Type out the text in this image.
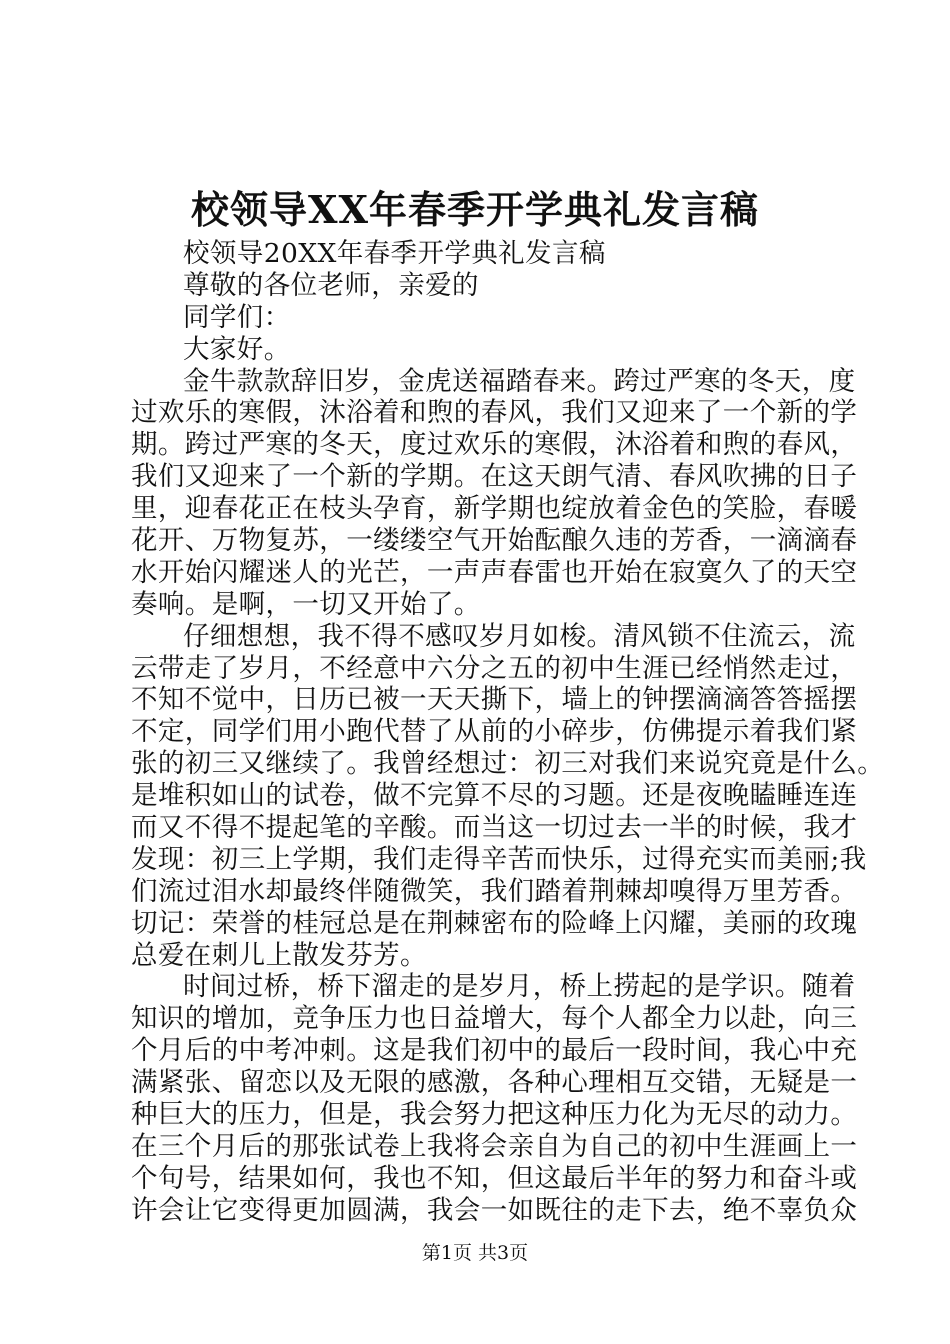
校领导XX年春季开学典礼发言稿
校领导20XX年春季开学典礼发言稿
尊敬的各位老师，亲爱的
同学们：
大家好。
金牛款款辞旧岁，金虎送福踏春来。跨过严寒的冬天，度
过欢乐的寒假，沐浴着和煦的春风，我们又迎来了一个新的学
期。跨过严寒的冬天，度过欢乐的寒假，沐浴着和煦的春风，
我们又迎来了一个新的学期。在这天朗气清、春风吹拂的日子
里，迎春花正在枝头孕育，新学期也绽放着金色的笑脸，春暖
花开、万物复苏，一缕缕空气开始酝酿久违的芳香，一滴滴春
水开始闪耀迷人的光芒，一声声春雷也开始在寂寞久了的天空
奏响。是啊，一切又开始了。
仔细想想，我不得不感叹岁月如梭。清风锁不住流云，流
云带走了岁月，不经意中六分之五的初中生涯已经悄然走过，
不知不觉中，日历已被一天天撕下，墙上的钟摆滴滴答答摇摆
不定，同学们用小跑代替了从前的小碎步，仿佛提示着我们紧
张的初三又继续了。我曾经想过：初三对我们来说究竟是什么。
是堆积如山的试卷，做不完算不尽的习题。还是夜晚瞌睡连连
而又不得不提起笔的辛酸。而当这一切过去一半的时候，我才
发现：初三上学期，我们走得辛苦而快乐，过得充实而美丽;我
们流过泪水却最终伴随微笑，我们踏着荆棘却嗅得万里芳香。
切记：荣誉的桂冠总是在荆棘密布的险峰上闪耀，美丽的玫瑰
总爱在刺儿上散发芬芳。
时间过桥，桥下溜走的是岁月，桥上捞起的是学识。随着
知识的增加，竞争压力也日益增大，每个人都全力以赴，向三
个月后的中考冲刺。这是我们初中的最后一段时间，我心中充
满紧张、留恋以及无限的感激，各种心理相互交错，无疑是一
种巨大的压力，但是，我会努力把这种压力化为无尽的动力。
在三个月后的那张试卷上我将会亲自为自己的初中生涯画上一
个句号，结果如何，我也不知，但这最后半年的努力和奋斗或
许会让它变得更加圆满，我会一如既往的走下去，绝不辜负众
第1页 共3页
